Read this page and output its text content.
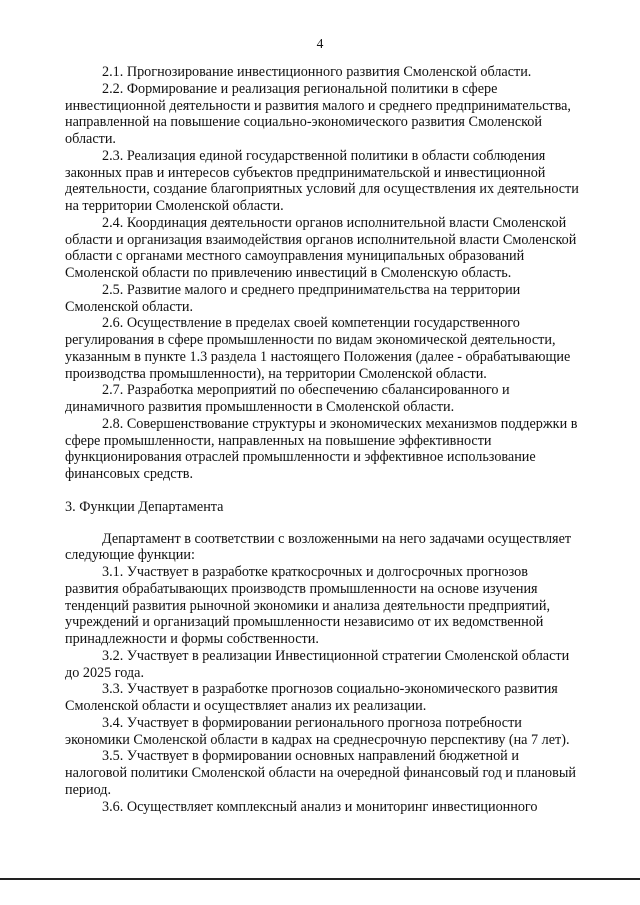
4

2.1. Прогнозирование инвестиционного развития Смоленской области.

2.2. Формирование и реализация региональной политики в сфере
инвестиционной деятельности и развития малого и среднего предпринимательства,
направленной на повышение социально-экономического развития Смоленской
области.

2.3. Реализация единой государственной политики в области соблюдения
законных прав и интересов субъектов предпринимательской и инвестиционной
деятельности, создание благоприятных условий для осуществления их деятельности
на территории Смоленской области.

2.4. Координация деятельности органов исполнительной власти Смоленской
области и организация взаимодействия органов исполнительной власти Смоленской
области с органами местного самоуправления муниципальных образований
Смоленской области по привлечению инвестиций в Смоленскую область.

2.5. Развитие малого и среднего предпринимательства на территории
Смоленской области.

2.6. Осуществление в пределах своей компетенции государственного
регулирования в сфере промышленности по видам экономической деятельности,
указанным в пункте 1.3 раздела 1 настоящего Положения (далее - обрабатывающие
производства промышленности), на территории Смоленской области.

2.7. Разработка мероприятий по обеспечению сбалансированного и
динамичного развития промышленности в Смоленской области.

2.8. Совершенствование структуры и экономических механизмов поддержки в
сфере промышленности, направленных на повышение эффективности
функционирования отраслей промышленности и эффективное использование
финансовых средств.

3. Функции Департамента

Департамент в соответствии с возложенными на него задачами осуществляет
следующие функции:

3.1. Участвует в разработке краткосрочных и долгосрочных прогнозов
развития обрабатывающих производств промышленности на основе изучения
тенденций развития рыночной экономики и анализа деятельности предприятий,
учреждений и организаций промышленности независимо от их ведомственной
принадлежности и формы собственности.

3.2. Участвует в реализации Инвестиционной стратегии Смоленской области
до 2025 года.

3.3. Участвует в разработке прогнозов социально-экономического развития
Смоленской области и осуществляет анализ их реализации.

3.4. Участвует в формировании регионального прогноза потребности
экономики Смоленской области в кадрах на среднесрочную перспективу (на 7 лет).

3.5. Участвует в формировании основных направлений бюджетной и
налоговой политики Смоленской области на очередной финансовый год и плановый
период.

3.6. Осуществляет комплексный анализ и мониторинг инвестиционного
